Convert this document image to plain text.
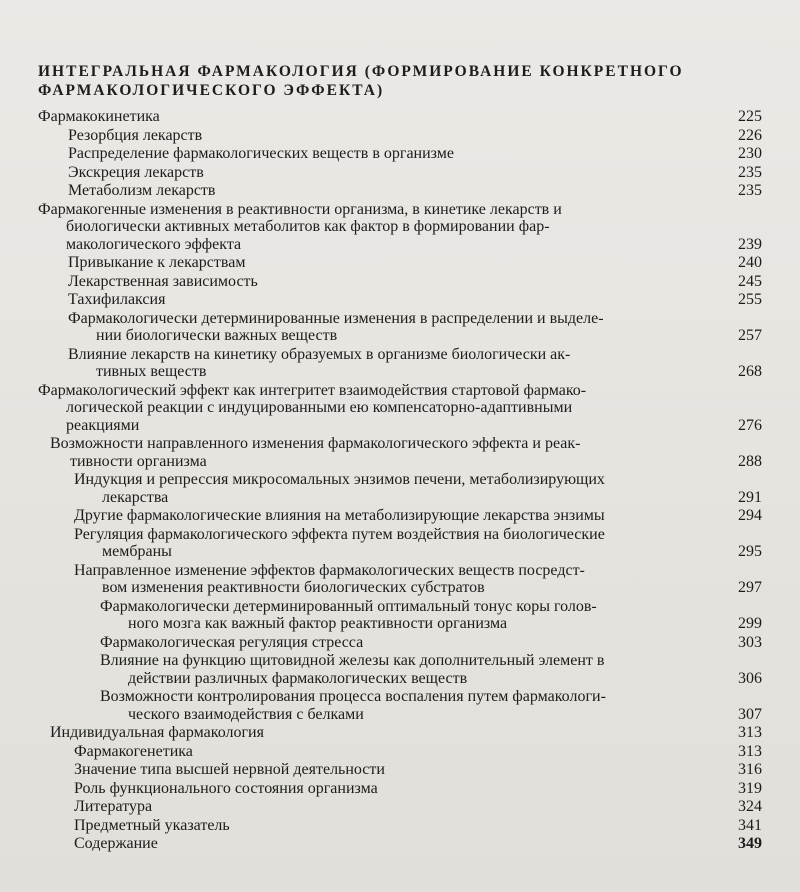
ИНТЕГРАЛЬНАЯ ФАРМАКОЛОГИЯ (ФОРМИРОВАНИЕ КОНКРЕТНОГО
ФАРМАКОЛОГИЧЕСКОГО ЭФФЕКТА)
Фармакокинетика	225
Резорбция лекарств	226
Распределение фармакологических веществ в организме	230
Экскреция лекарств	235
Метаболизм лекарств	235
Фармакогенные изменения в реактивности организма, в кинетике лекарств и
биологически активных метаболитов как фактор в формировании фар-
макологического эффекта	239
Привыкание к лекарствам	240
Лекарственная зависимость	245
Тахифилаксия	255
Фармакологически детерминированные изменения в распределении и выделе-
нии биологически важных веществ	257
Влияние лекарств на кинетику образуемых в организме биологически ак-
тивных веществ	268
Фармакологический эффект как интегритет взаимодействия стартовой фармако-
логической реакции с индуцированными ею компенсаторно-адаптивными
реакциями	276
Возможности направленного изменения фармакологического эффекта и реак-
тивности организма	288
Индукция и репрессия микросомальных энзимов печени, метаболизирующих
лекарства	291
Другие фармакологические влияния на метаболизирующие лекарства энзимы	294
Регуляция фармакологического эффекта путем воздействия на биологические
мембраны	295
Направленное изменение эффектов фармакологических веществ посредст-
вом изменения реактивности биологических субстратов	297
Фармакологически детерминированный оптимальный тонус коры голов-
ного мозга как важный фактор реактивности организма	299
Фармакологическая регуляция стресса	303
Влияние на функцию щитовидной железы как дополнительный элемент в
действии различных фармакологических веществ	306
Возможности контролирования процесса воспаления путем фармакологи-
ческого взаимодействия с белками	307
Индивидуальная фармакология	313
Фармакогенетика	313
Значение типа высшей нервной деятельности	316
Роль функционального состояния организма	319
Литература	324
Предметный указатель	341
Содержание	349
